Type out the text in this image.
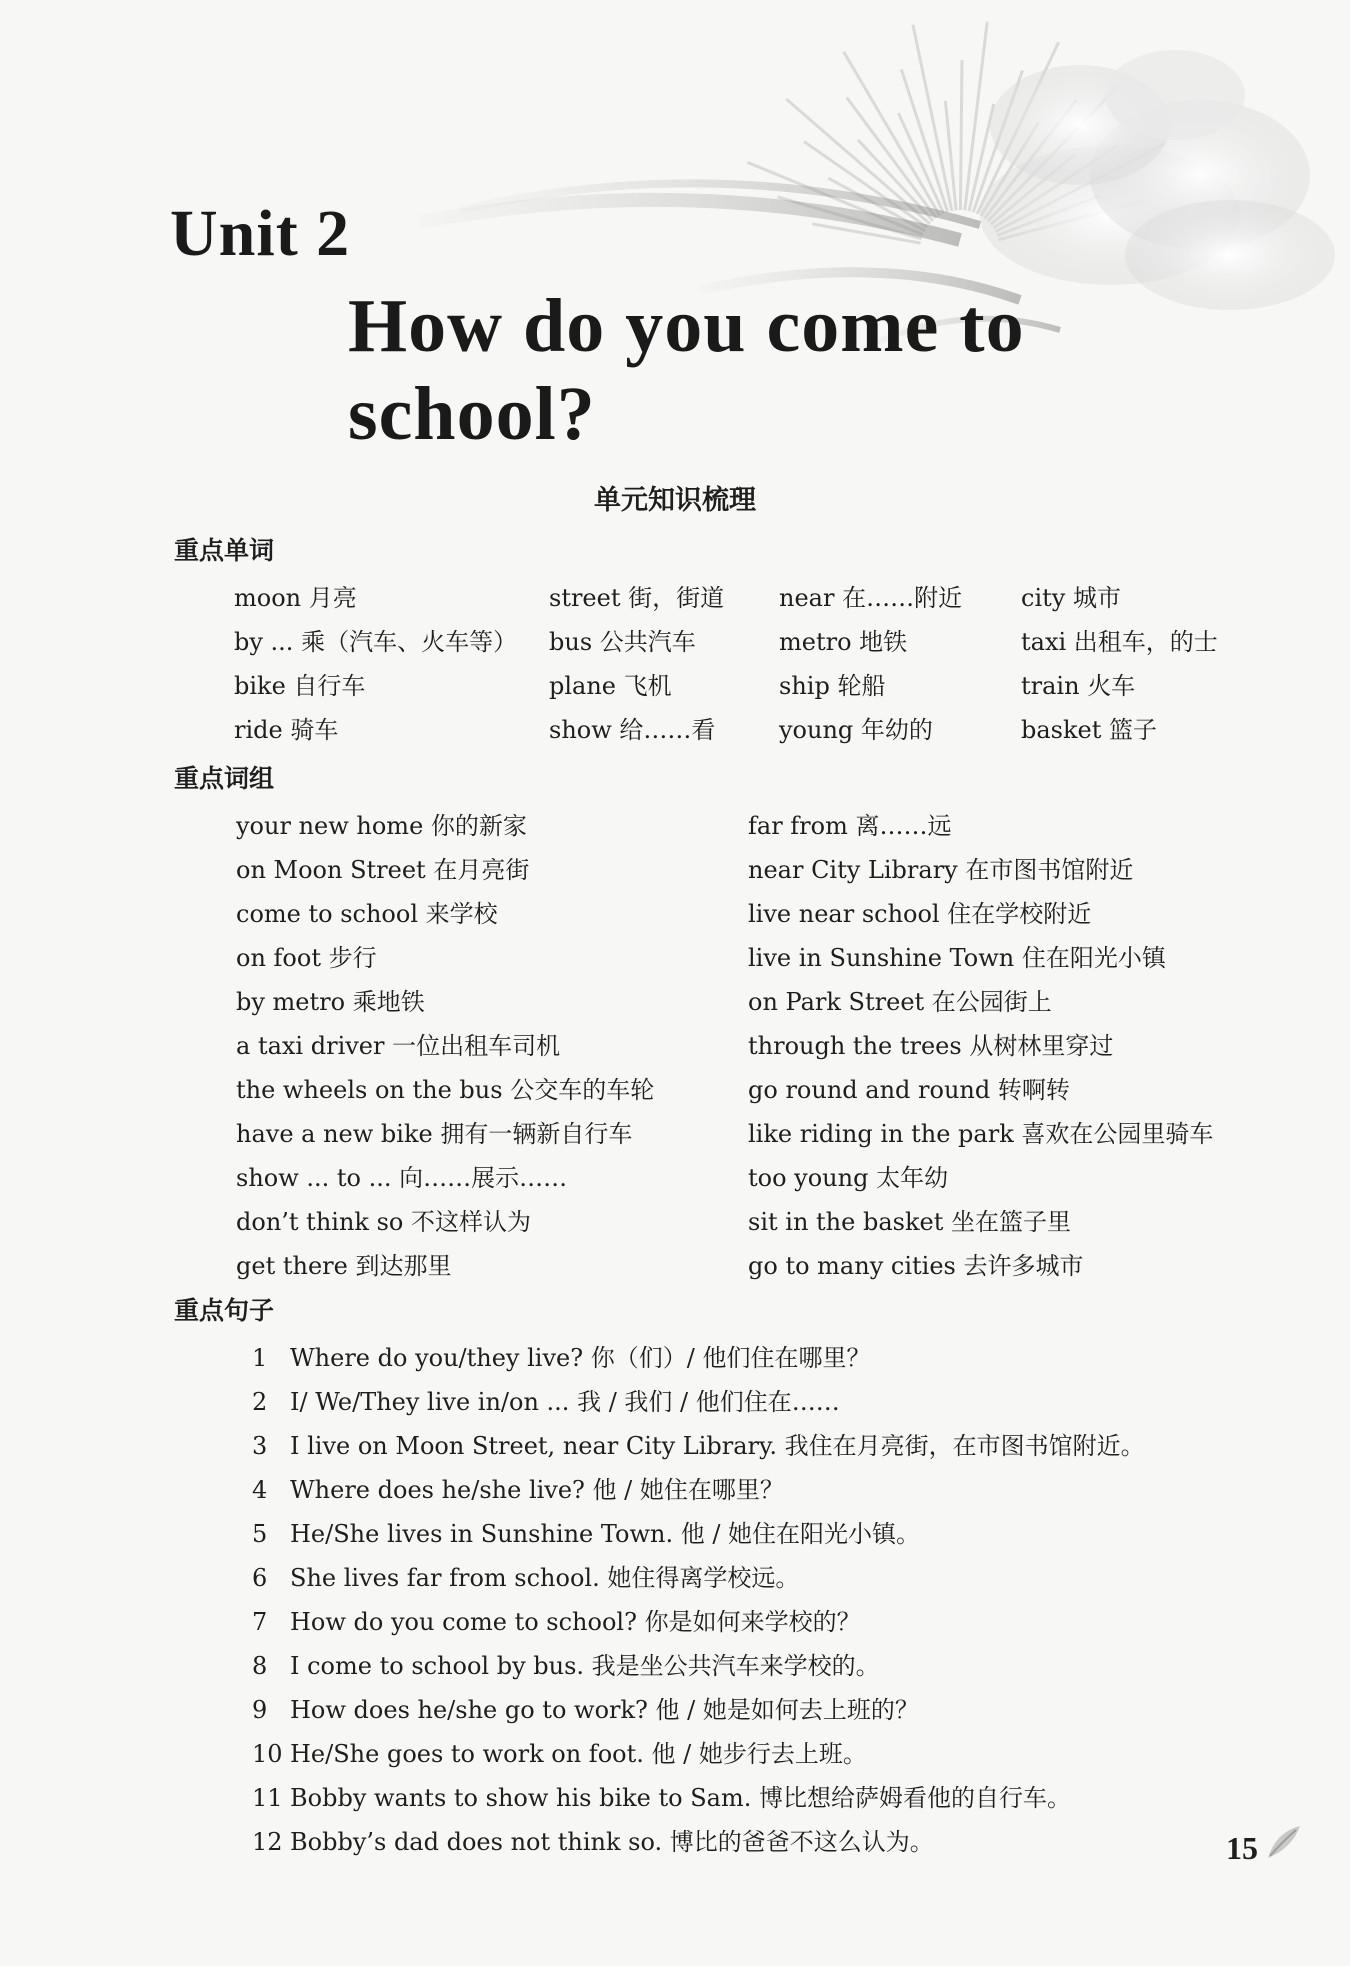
Unit 2
How do you come to
school?
单元知识梳理
重点单词
moon 月亮	street 街，街道	near 在……附近	city 城市
by ... 乘（汽车、火车等）	bus 公共汽车	metro 地铁	taxi 出租车，的士
bike 自行车	plane 飞机	ship 轮船	train 火车
ride 骑车	show 给……看	young 年幼的	basket 篮子
重点词组
your new home 你的新家	far from 离……远
on Moon Street 在月亮街	near City Library 在市图书馆附近
come to school 来学校	live near school 住在学校附近
on foot 步行	live in Sunshine Town 住在阳光小镇
by metro 乘地铁	on Park Street 在公园街上
a taxi driver 一位出租车司机	through the trees 从树林里穿过
the wheels on the bus 公交车的车轮	go round and round 转啊转
have a new bike 拥有一辆新自行车	like riding in the park 喜欢在公园里骑车
show ... to ... 向……展示……	too young 太年幼
don’t think so 不这样认为	sit in the basket 坐在篮子里
get there 到达那里	go to many cities 去许多城市
重点句子
1 Where do you/they live? 你（们）/ 他们住在哪里？
2 I/ We/They live in/on ... 我 / 我们 / 他们住在……
3 I live on Moon Street, near City Library. 我住在月亮街，在市图书馆附近。
4 Where does he/she live? 他 / 她住在哪里？
5 He/She lives in Sunshine Town. 他 / 她住在阳光小镇。
6 She lives far from school. 她住得离学校远。
7 How do you come to school? 你是如何来学校的？
8 I come to school by bus. 我是坐公共汽车来学校的。
9 How does he/she go to work? 他 / 她是如何去上班的？
10 He/She goes to work on foot. 他 / 她步行去上班。
11 Bobby wants to show his bike to Sam. 博比想给萨姆看他的自行车。
12 Bobby’s dad does not think so. 博比的爸爸不这么认为。	15
